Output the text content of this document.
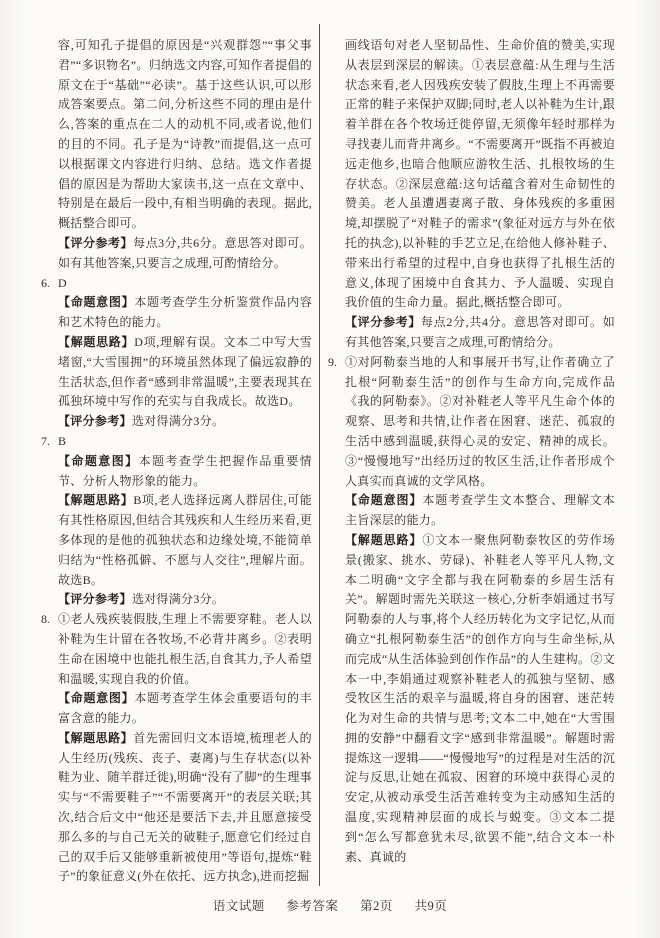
容,可知孔子提倡的原因是“兴观群怨”“事父事君”“多识物名”。归纳选文内容,可知作者提倡的原文在于“基础”“必读”。基于这些认识,可以形成答案要点。第二问,分析这些不同的理由是什么,答案的重点在二人的动机不同,或者说,他们的目的不同。孔子是为“诗教”而提倡,这一点可以根据课文内容进行归纳、总结。选文作者提倡的原因是为帮助大家读书,这一点在文章中、特别是在最后一段中,有相当明确的表现。据此,概括整合即可。
【评分参考】每点3分,共6分。意思答对即可。如有其他答案,只要言之成理,可酌情给分。
6. D
【命题意图】本题考查学生分析鉴赏作品内容和艺术特色的能力。
【解题思路】D项,理解有误。文本二中写大雪堵窗,“大雪围拥”的环境虽然体现了偏远寂静的生活状态,但作者“感到非常温暖”,主要表现其在孤独环境中写作的充实与自我成长。故选D。
【评分参考】选对得满分3分。
7. B
【命题意图】本题考查学生把握作品重要情节、分析人物形象的能力。
【解题思路】B项,老人选择远离人群居住,可能有其性格原因,但结合其残疾和人生经历来看,更多体现的是他的孤独状态和边缘处境,不能简单归结为“性格孤僻、不愿与人交往”,理解片面。故选B。
【评分参考】选对得满分3分。
8. ①老人残疾装假肢,生理上不需要穿鞋。老人以补鞋为生计留在各牧场,不必背井离乡。②表明生命在困境中也能扎根生活,自食其力,予人希望和温暖,实现自我的价值。
【命题意图】本题考查学生体会重要语句的丰富含意的能力。
【解题思路】首先需回归文本语境,梳理老人的人生经历(残疾、丧子、妻离)与生存状态(以补鞋为业、随羊群迁徙),明确“没有了脚”的生理事实与“不需要鞋子”“不需要离开”的表层关联;其次,结合后文中“他还是要活下去,并且愿意接受那么多的与自己无关的破鞋子,愿意它们经过自己的双手后又能够重新被使用”等语句,提炼“鞋子”的象征意义(外在依托、远方执念),进而挖掘
画线语句对老人坚韧品性、生命价值的赞美,实现从表层到深层的解读。①表层意蕴:从生理与生活状态来看,老人因残疾安装了假肢,生理上不再需要正常的鞋子来保护双脚;同时,老人以补鞋为生计,跟着羊群在各个牧场迁徙停留,无须像年轻时那样为寻找妻儿而背井离乡。“不需要离开”既指不再被迫远走他乡,也暗合他顺应游牧生活、扎根牧场的生存状态。②深层意蕴:这句话蕴含着对生命韧性的赞美。老人虽遭遇妻离子散、身体残疾的多重困境,却摆脱了“对鞋子的需求”(象征对远方与外在依托的执念),以补鞋的手艺立足,在给他人修补鞋子、带来出行希望的过程中,自身也获得了扎根生活的意义,体现了困境中自食其力、予人温暖、实现自我价值的生命力量。据此,概括整合即可。
【评分参考】每点2分,共4分。意思答对即可。如有其他答案,只要言之成理,可酌情给分。
9. ①对阿勒泰当地的人和事展开书写,让作者确立了扎根“阿勒泰生活”的创作与生命方向,完成作品《我的阿勒泰》。②对补鞋老人等平凡生命个体的观察、思考和共情,让作者在困窘、迷茫、孤寂的生活中感到温暖,获得心灵的安定、精神的成长。③“慢慢地写”出经历过的牧区生活,让作者形成个人真实而真诚的文学风格。
【命题意图】本题考查学生文本整合、理解文本主旨深层的能力。
【解题思路】①文本一聚焦阿勒泰牧区的劳作场景(搬家、挑水、劳碌)、补鞋老人等平凡人物,文本二明确“文字全都与我在阿勒泰的乡居生活有关”。解题时需先关联这一核心,分析李娟通过书写阿勒泰的人与事,将个人经历转化为文字记忆,从而确立“扎根阿勒泰生活”的创作方向与生命坐标,从而完成“从生活体验到创作作品”的人生建构。②文本一中,李娟通过观察补鞋老人的孤独与坚韧、感受牧区生活的艰辛与温暖,将自身的困窘、迷茫转化为对生命的共情与思考;文本二中,她在“大雪围拥的安静”中翻看文字“感到非常温暖”。解题时需提炼这一逻辑——“慢慢地写”的过程是对生活的沉淀与反思,让她在孤寂、困窘的环境中获得心灵的安定,从被动承受生活苦难转变为主动感知生活的温度,实现精神层面的成长与蜕变。③文本二提到“怎么写都意犹未尽,欲罢不能”,结合文本一朴素、真诚的
语文试题 参考答案 第2页 共9页
